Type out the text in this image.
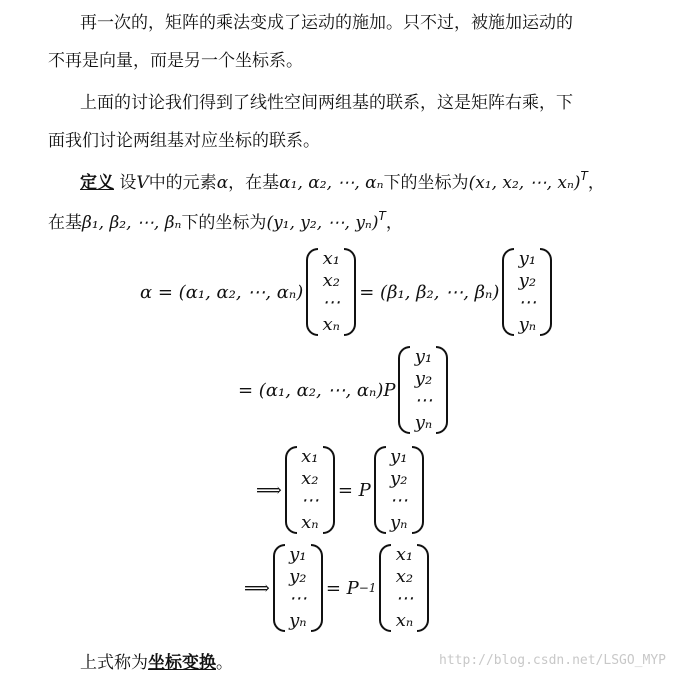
再一次的，矩阵的乘法变成了运动的施加。只不过，被施加运动的
不再是向量，而是另一个坐标系。
上面的讨论我们得到了线性空间两组基的联系，这是矩阵右乘，下
面我们讨论两组基对应坐标的联系。
定义 设V中的元素α，在基α₁, α₂, ⋯, αₙ下的坐标为(x₁, x₂, ⋯, xₙ)$^T$，
在基β₁, β₂, ⋯, βₙ下的坐标为(y₁, y₂, ⋯, yₙ)$^T$，
α = (α₁, α₂, ⋯, αₙ)
x₁
x₂
⋯
xₙ
= (β₁, β₂, ⋯, βₙ)
y₁
y₂
⋯
yₙ
= (α₁, α₂, ⋯, αₙ)P
y₁
y₂
⋯
yₙ
⟹
x₁
x₂
⋯
xₙ
= P
y₁
y₂
⋯
yₙ
⟹
y₁
y₂
⋯
yₙ
= P −1
x₁
x₂
⋯
xₙ
上式称为坐标变换。	http://blog.csdn.net/LSGO_MYP
